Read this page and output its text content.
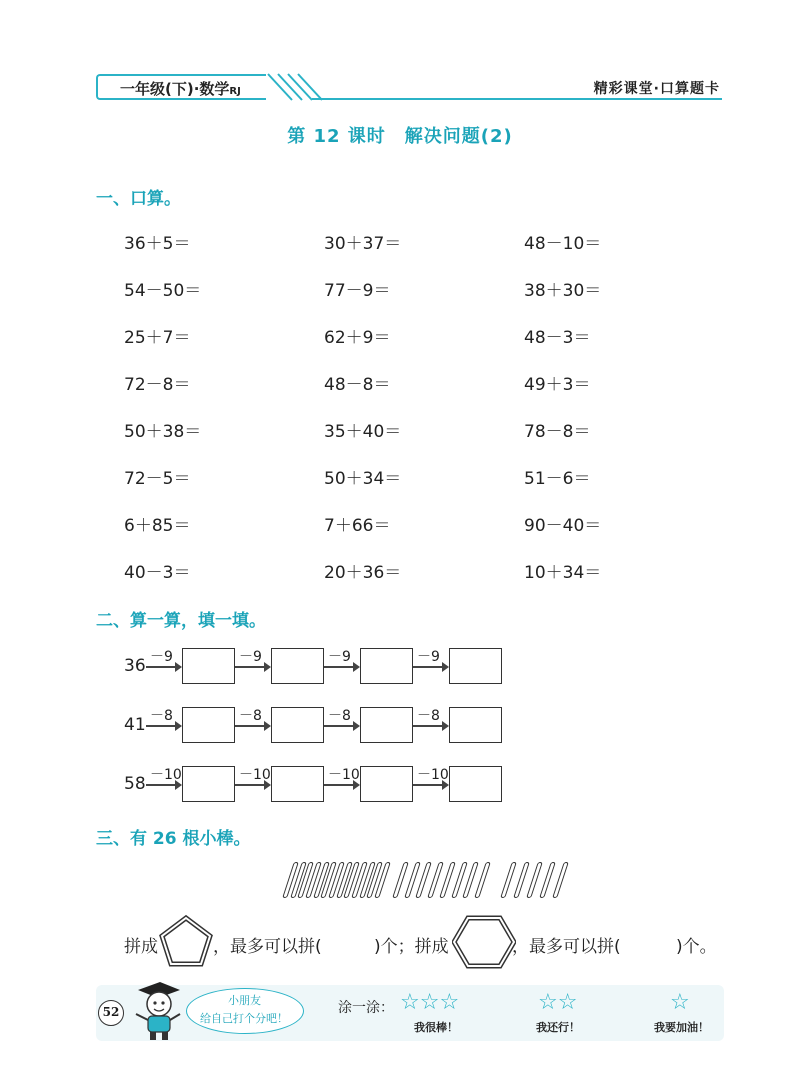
一年级(下)·数学RJ	精彩课堂·口算题卡
第 12 课时　解决问题(2)
一、口算。
36＋5＝	30＋37＝	48－10＝
54－50＝	77－9＝	38＋30＝
25＋7＝	62＋9＝	48－3＝
72－8＝	48－8＝	49＋3＝
50＋38＝	35＋40＝	78－8＝
72－5＝	50＋34＝	51－6＝
6＋85＝	7＋66＝	90－40＝
40－3＝	20＋36＝	10＋34＝
二、算一算，填一填。
36 －9	－9	－9	－9
41 －8	－8	－8	－8
58 －10	－10	－10	－10
三、有 26 根小棒。
拼成	，最多可以拼(	)个；拼成	，最多可以拼(	)个。
52
小朋友
给自己打个分吧！
涂一涂： ☆☆☆
我很棒！
☆☆
我还行！
☆
我要加油！
